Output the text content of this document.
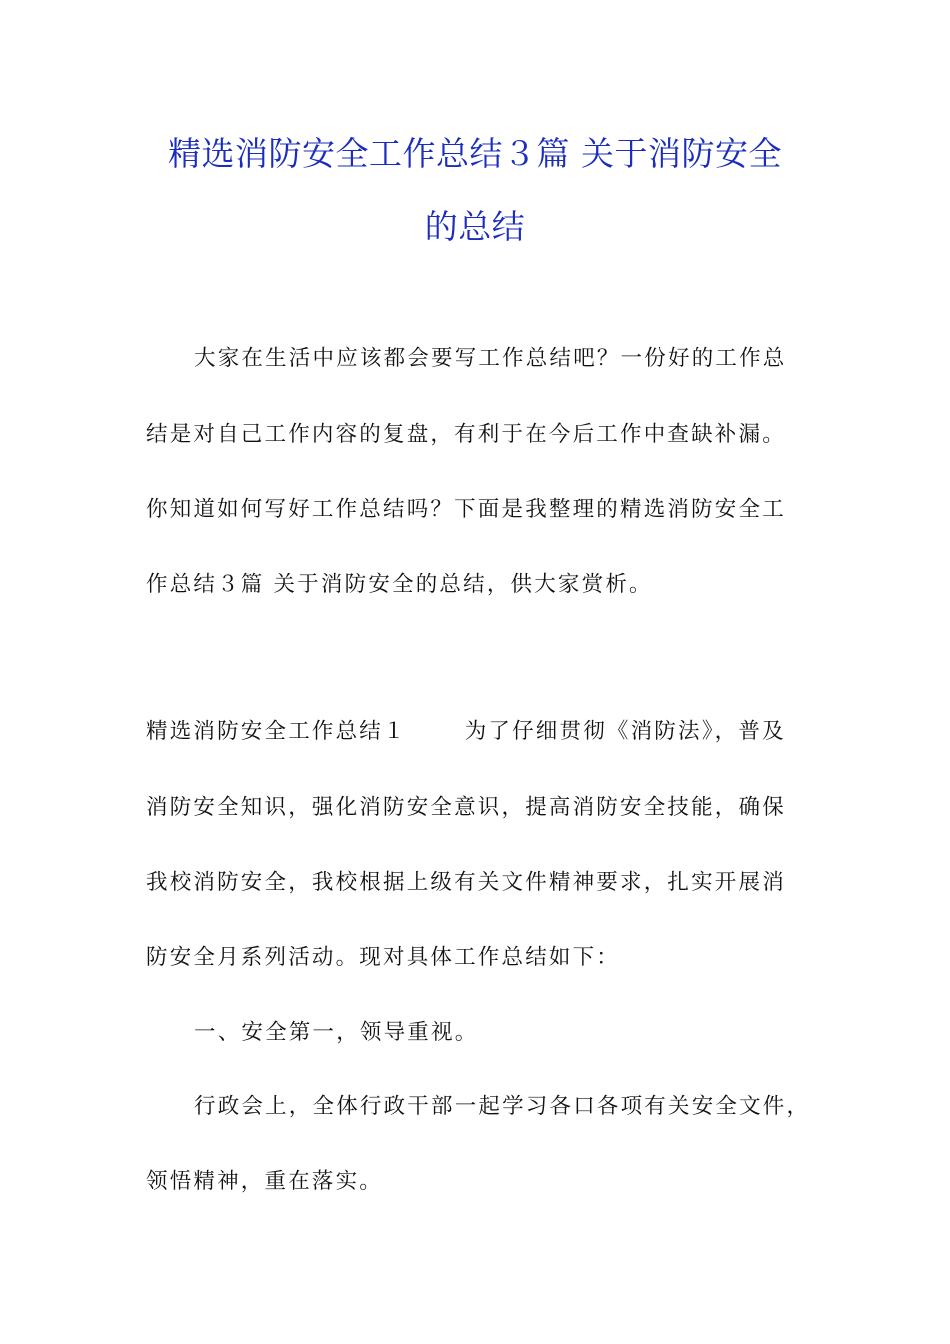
精选消防安全工作总结３篇 关于消防安全
的总结
大家在生活中应该都会要写工作总结吧？一份好的工作总
结是对自己工作内容的复盘，有利于在今后工作中查缺补漏。
你知道如何写好工作总结吗？下面是我整理的精选消防安全工
作总结３篇 关于消防安全的总结，供大家赏析。
精选消防安全工作总结１	为了仔细贯彻《消防法》，普及
消防安全知识，强化消防安全意识，提高消防安全技能，确保
我校消防安全，我校根据上级有关文件精神要求，扎实开展消
防安全月系列活动。现对具体工作总结如下：
一、安全第一，领导重视。
行政会上，全体行政干部一起学习各口各项有关安全文件，
领悟精神，重在落实。
